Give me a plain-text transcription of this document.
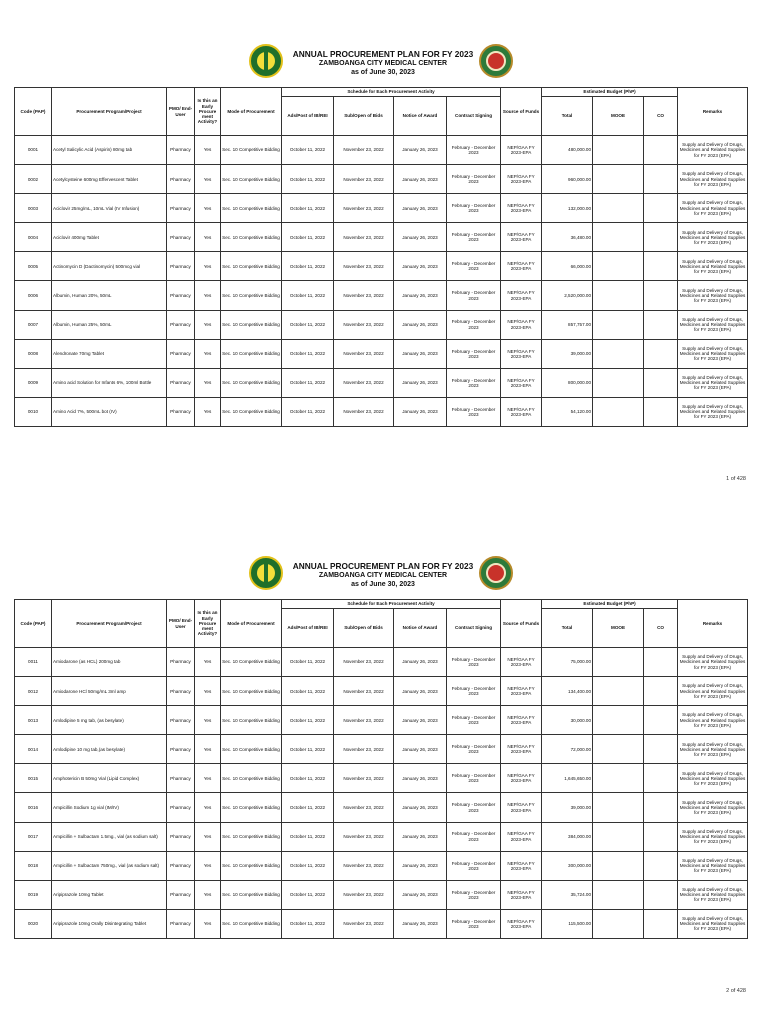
ANNUAL PROCUREMENT PLAN FOR FY 2023
ZAMBOANGA CITY MEDICAL CENTER
as of June 30, 2023
Code (PAP)	Procurement Program/Project	PMO/ End-User	Is this an Early Procure ment Activity?	Mode of Procurement	Schedule for Each Procurement Activity				Source of Funds	Estimated Budget (PhP)			Remarks
					Ads/Post of IB/REI	Sub/Open of Bids	Notice of Award	Contract Signing		Total	MOOE	CO	
0001	Acetyl Salicylic Acid (Aspirin) 80mg tab	Pharmacy	Yes	Sec. 10 Competitive Bidding	October 11, 2022	November 23, 2022	January 26, 2023	February - December 2023	NEP/GAA FY 2023-EPA	480,000.00			Supply and Delivery of Drugs, Medicines and Related Supplies for FY 2023 (EPA)
0002	Acetylcysteine 600mg Effervescent Tablet	Pharmacy	Yes	Sec. 10 Competitive Bidding	October 11, 2022	November 23, 2022	January 26, 2023	February - December 2023	NEP/GAA FY 2023-EPA	960,000.00			Supply and Delivery of Drugs, Medicines and Related Supplies for FY 2023 (EPA)
0003	Aciclovir 25mg/mL, 10mL Vial (IV Infusion)	Pharmacy	Yes	Sec. 10 Competitive Bidding	October 11, 2022	November 23, 2022	January 26, 2023	February - December 2023	NEP/GAA FY 2023-EPA	132,000.00			Supply and Delivery of Drugs, Medicines and Related Supplies for FY 2023 (EPA)
0004	Aciclovir 400mg Tablet	Pharmacy	Yes	Sec. 10 Competitive Bidding	October 11, 2022	November 23, 2022	January 26, 2023	February - December 2023	NEP/GAA FY 2023-EPA	36,480.00			Supply and Delivery of Drugs, Medicines and Related Supplies for FY 2023 (EPA)
0005	Actinomycin D (Dactinomycin) 500mcg vial	Pharmacy	Yes	Sec. 10 Competitive Bidding	October 11, 2022	November 23, 2022	January 26, 2023	February - December 2023	NEP/GAA FY 2023-EPA	66,000.00			Supply and Delivery of Drugs, Medicines and Related Supplies for FY 2023 (EPA)
0006	Albumin, Human 20%, 50mL	Pharmacy	Yes	Sec. 10 Competitive Bidding	October 11, 2022	November 23, 2022	January 26, 2023	February - December 2023	NEP/GAA FY 2023-EPA	2,520,000.00			Supply and Delivery of Drugs, Medicines and Related Supplies for FY 2023 (EPA)
0007	Albumin, Human 25%, 50mL	Pharmacy	Yes	Sec. 10 Competitive Bidding	October 11, 2022	November 23, 2022	January 26, 2023	February - December 2023	NEP/GAA FY 2023-EPA	857,757.00			Supply and Delivery of Drugs, Medicines and Related Supplies for FY 2023 (EPA)
0008	Alendronate 70mg Tablet	Pharmacy	Yes	Sec. 10 Competitive Bidding	October 11, 2022	November 23, 2022	January 26, 2023	February - December 2023	NEP/GAA FY 2023-EPA	39,000.00			Supply and Delivery of Drugs, Medicines and Related Supplies for FY 2023 (EPA)
0009	Amino acid Solution for Infants 6%, 100ml Bottle	Pharmacy	Yes	Sec. 10 Competitive Bidding	October 11, 2022	November 23, 2022	January 26, 2023	February - December 2023	NEP/GAA FY 2023-EPA	800,000.00			Supply and Delivery of Drugs, Medicines and Related Supplies for FY 2023 (EPA)
0010	Amino Acid 7%, 500mL bot (IV)	Pharmacy	Yes	Sec. 10 Competitive Bidding	October 11, 2022	November 23, 2022	January 26, 2023	February - December 2023	NEP/GAA FY 2023-EPA	54,120.00			Supply and Delivery of Drugs, Medicines and Related Supplies for FY 2023 (EPA)
1 of 428
ANNUAL PROCUREMENT PLAN FOR FY 2023
ZAMBOANGA CITY MEDICAL CENTER
as of June 30, 2023
Code (PAP)	Procurement Program/Project	PMO/ End-User	Is this an Early Procure ment Activity?	Mode of Procurement	Schedule for Each Procurement Activity				Source of Funds	Estimated Budget (PhP)			Remarks
					Ads/Post of IB/REI	Sub/Open of Bids	Notice of Award	Contract Signing		Total	MOOE	CO	
0011	Amiodarone (as HCL) 200mg tab	Pharmacy	Yes	Sec. 10 Competitive Bidding	October 11, 2022	November 23, 2022	January 26, 2023	February - December 2023	NEP/GAA FY 2023-EPA	75,000.00			Supply and Delivery of Drugs, Medicines and Related Supplies for FY 2023 (EPA)
0012	Amiodarone HCl 50mg/mL 3ml amp	Pharmacy	Yes	Sec. 10 Competitive Bidding	October 11, 2022	November 23, 2022	January 26, 2023	February - December 2023	NEP/GAA FY 2023-EPA	134,400.00			Supply and Delivery of Drugs, Medicines and Related Supplies for FY 2023 (EPA)
0013	Amlodipine 5 mg tab, (as besylate)	Pharmacy	Yes	Sec. 10 Competitive Bidding	October 11, 2022	November 23, 2022	January 26, 2023	February - December 2023	NEP/GAA FY 2023-EPA	30,000.00			Supply and Delivery of Drugs, Medicines and Related Supplies for FY 2023 (EPA)
0014	Amlodipine 10 mg tab,(as besylate)	Pharmacy	Yes	Sec. 10 Competitive Bidding	October 11, 2022	November 23, 2022	January 26, 2023	February - December 2023	NEP/GAA FY 2023-EPA	72,000.00			Supply and Delivery of Drugs, Medicines and Related Supplies for FY 2023 (EPA)
0015	Amphotericin B 50mg Vial (Lipid Complex)	Pharmacy	Yes	Sec. 10 Competitive Bidding	October 11, 2022	November 23, 2022	January 26, 2023	February - December 2023	NEP/GAA FY 2023-EPA	1,645,650.00			Supply and Delivery of Drugs, Medicines and Related Supplies for FY 2023 (EPA)
0016	Ampicillin Sodium 1g vial (IM/IV)	Pharmacy	Yes	Sec. 10 Competitive Bidding	October 11, 2022	November 23, 2022	January 26, 2023	February - December 2023	NEP/GAA FY 2023-EPA	39,000.00			Supply and Delivery of Drugs, Medicines and Related Supplies for FY 2023 (EPA)
0017	Ampicillin + Sulbactam 1.5mg., vial (as sodium salt)	Pharmacy	Yes	Sec. 10 Competitive Bidding	October 11, 2022	November 23, 2022	January 26, 2023	February - December 2023	NEP/GAA FY 2023-EPA	384,000.00			Supply and Delivery of Drugs, Medicines and Related Supplies for FY 2023 (EPA)
0018	Ampicillin + Sulbactam 750mg., vial (as sodium salt)	Pharmacy	Yes	Sec. 10 Competitive Bidding	October 11, 2022	November 23, 2022	January 26, 2023	February - December 2023	NEP/GAA FY 2023-EPA	300,000.00			Supply and Delivery of Drugs, Medicines and Related Supplies for FY 2023 (EPA)
0019	Aripiprazole 10mg Tablet	Pharmacy	Yes	Sec. 10 Competitive Bidding	October 11, 2022	November 23, 2022	January 26, 2023	February - December 2023	NEP/GAA FY 2023-EPA	35,724.00			Supply and Delivery of Drugs, Medicines and Related Supplies for FY 2023 (EPA)
0020	Aripiprazole 10mg Orally Disintegrating Tablet	Pharmacy	Yes	Sec. 10 Competitive Bidding	October 11, 2022	November 23, 2022	January 26, 2023	February - December 2023	NEP/GAA FY 2023-EPA	115,500.00			Supply and Delivery of Drugs, Medicines and Related Supplies for FY 2023 (EPA)
2 of 428
